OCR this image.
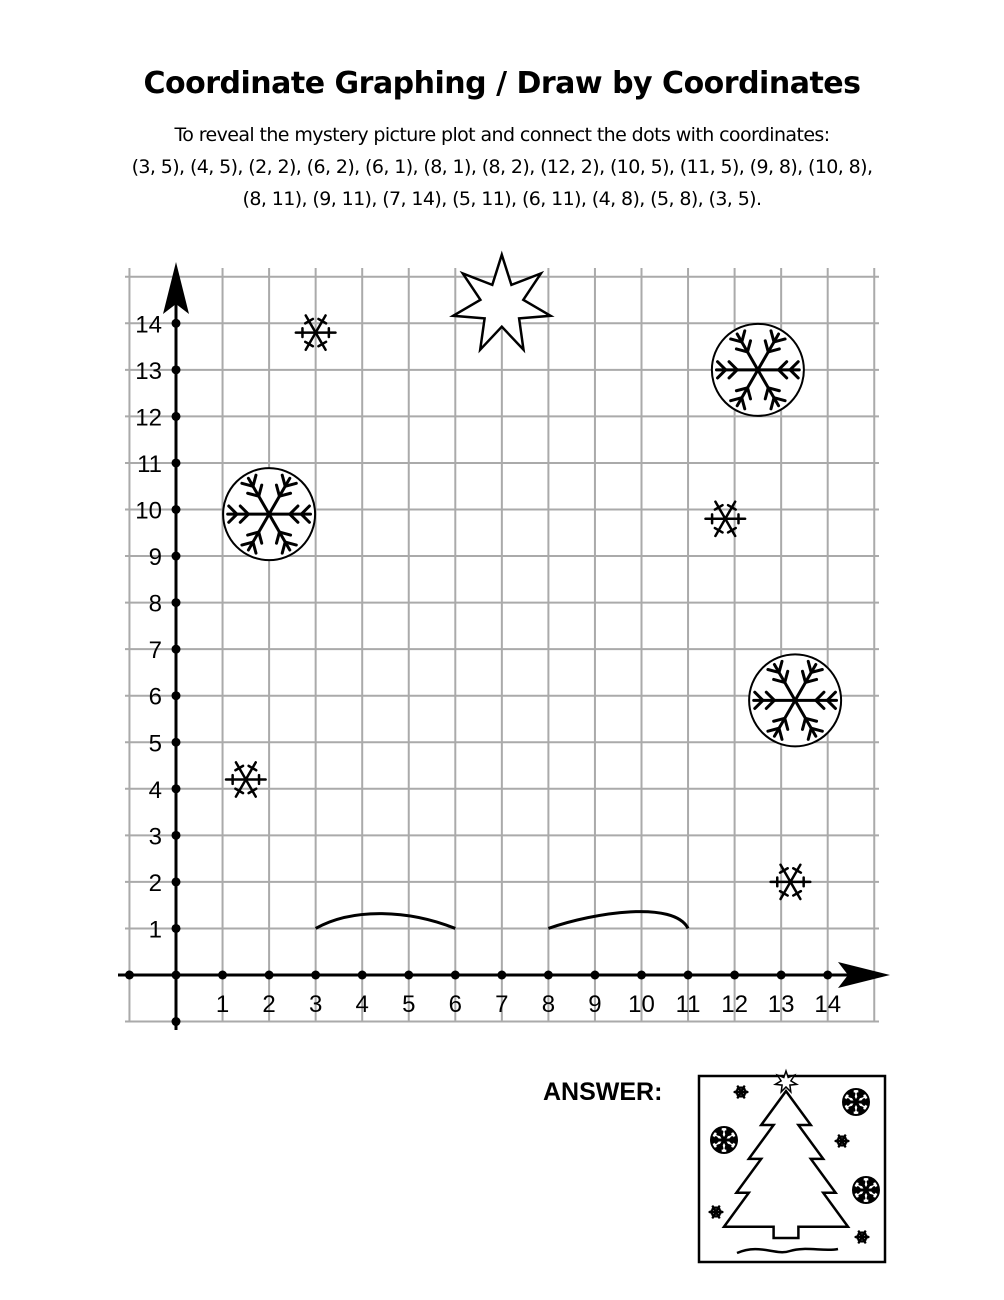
Coordinate Graphing / Draw by Coordinates
To reveal the mystery picture plot and connect the dots with coordinates:
(3, 5), (4, 5), (2, 2), (6, 2), (6, 1), (8, 1), (8, 2), (12, 2), (10, 5), (11, 5), (9, 8), (10, 8),
(8, 11), (9, 11), (7, 14), (5, 11), (6, 11), (4, 8), (5, 8), (3, 5).
1 2 3 4 5 6 7 8 9 10 11 12 13 14
1
2
3
4
5
6
7
8
9
10
11
12
13
14
ANSWER:
